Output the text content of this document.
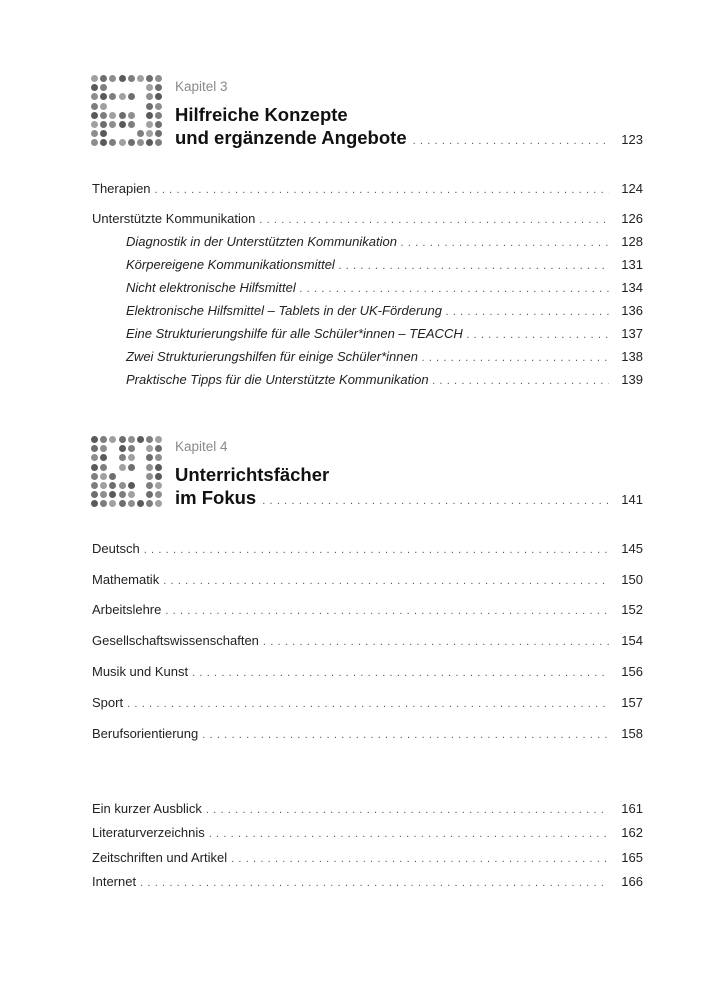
Kapitel 3
Hilfreiche Konzepte
und ergänzende Angebote . . .	123
Therapien . . .	124
Unterstützte Kommunikation . . .	126
Diagnostik in der Unterstützten Kommunikation . . .	128
Körpereigene Kommunikationsmittel . . .	131
Nicht elektronische Hilfsmittel . . .	134
Elektronische Hilfsmittel – Tablets in der UK-Förderung . . .	136
Eine Strukturierungshilfe für alle Schüler*innen – TEACCH . . .	137
Zwei Strukturierungshilfen für einige Schüler*innen . . .	138
Praktische Tipps für die Unterstützte Kommunikation . . .	139
Kapitel 4
Unterrichtsfächer
im Fokus . . .	141
Deutsch . . .	145
Mathematik . . .	150
Arbeitslehre . . .	152
Gesellschaftswissenschaften . . .	154
Musik und Kunst . . .	156
Sport . . .	157
Berufsorientierung . . .	158
Ein kurzer Ausblick . . .	161
Literaturverzeichnis . . .	162
Zeitschriften und Artikel . . .	165
Internet . . .	166
